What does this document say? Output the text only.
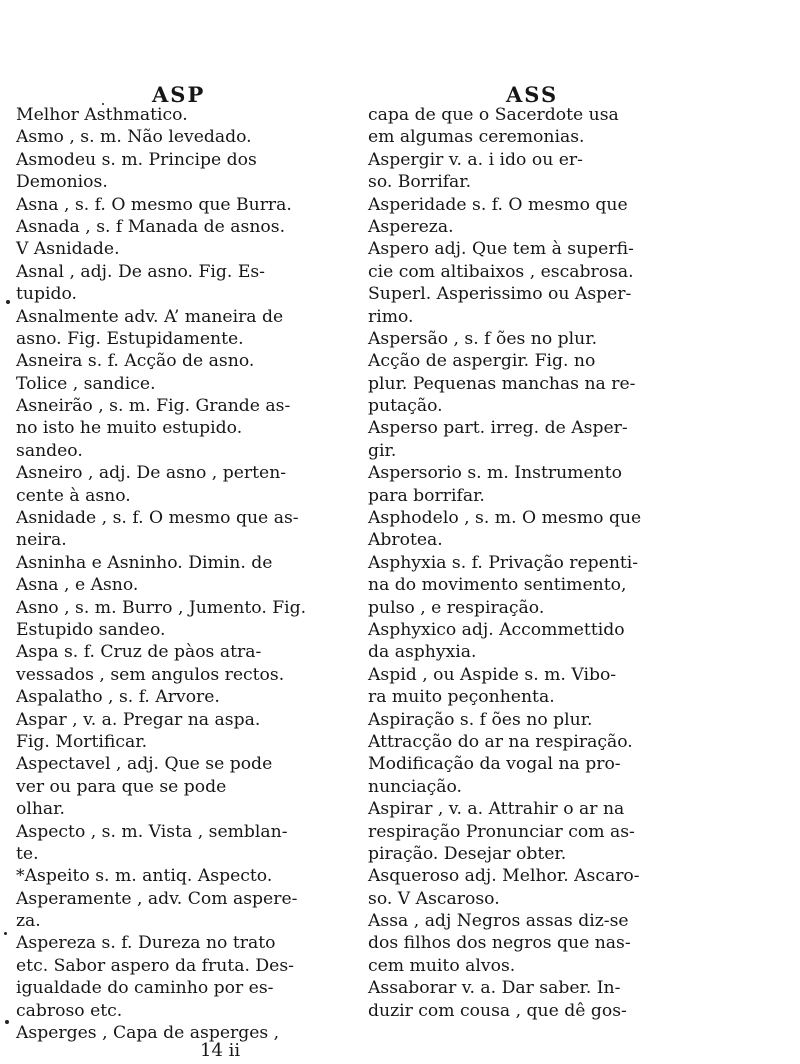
ASP	ASS
Melhor Asthmatico.
Asmo , s. m. Não levedado.
Asmodeu s. m. Principe dos
Demonios.
Asna , s. f. O mesmo que Burra.
Asnada , s. f Manada de asnos.
V Asnidade.
Asnal , adj. De asno. Fig. Es-
tupido.
Asnalmente adv. A’ maneira de
asno. Fig. Estupidamente.
Asneira s. f. Acção de asno.
Tolice , sandice.
Asneirão , s. m. Fig. Grande as-
no isto he muito estupido.
sandeo.
Asneiro , adj. De asno , perten-
cente à asno.
Asnidade , s. f. O mesmo que as-
neira.
Asninha e Asninho. Dimin. de
Asna , e Asno.
Asno , s. m. Burro , Jumento. Fig.
Estupido sandeo.
Aspa s. f. Cruz de pàos atra-
vessados , sem angulos rectos.
Aspalatho , s. f. Arvore.
Aspar , v. a. Pregar na aspa.
Fig. Mortificar.
Aspectavel , adj. Que se pode
ver ou para que se pode
olhar.
Aspecto , s. m. Vista , semblan-
te.
*Aspeito s. m. antiq. Aspecto.
Asperamente , adv. Com aspere-
za.
Aspereza s. f. Dureza no trato
etc. Sabor aspero da fruta. Des-
igualdade do caminho por es-
cabroso etc.
Asperges , Capa de asperges ,
capa de que o Sacerdote usa
em algumas ceremonias.
Aspergir v. a. i ido ou er-
so. Borrifar.
Asperidade s. f. O mesmo que
Aspereza.
Aspero adj. Que tem à superfi-
cie com altibaixos , escabrosa.
Superl. Asperissimo ou Asper-
rimo.
Aspersão , s. f ões no plur.
Acção de aspergir. Fig. no
plur. Pequenas manchas na re-
putação.
Asperso part. irreg. de Asper-
gir.
Aspersorio s. m. Instrumento
para borrifar.
Asphodelo , s. m. O mesmo que
Abrotea.
Asphyxia s. f. Privação repenti-
na do movimento sentimento,
pulso , e respiração.
Asphyxico adj. Accommettido
da asphyxia.
Aspid , ou Aspide s. m. Vibo-
ra muito peçonhenta.
Aspiração s. f ões no plur.
Attracção do ar na respiração.
Modificação da vogal na pro-
nunciação.
Aspirar , v. a. Attrahir o ar na
respiração Pronunciar com as-
piração. Desejar obter.
Asqueroso adj. Melhor. Ascaro-
so. V Ascaroso.
Assa , adj Negros assas diz-se
dos filhos dos negros que nas-
cem muito alvos.
Assaborar v. a. Dar saber. In-
duzir com cousa , que dê gos-
14 ii
